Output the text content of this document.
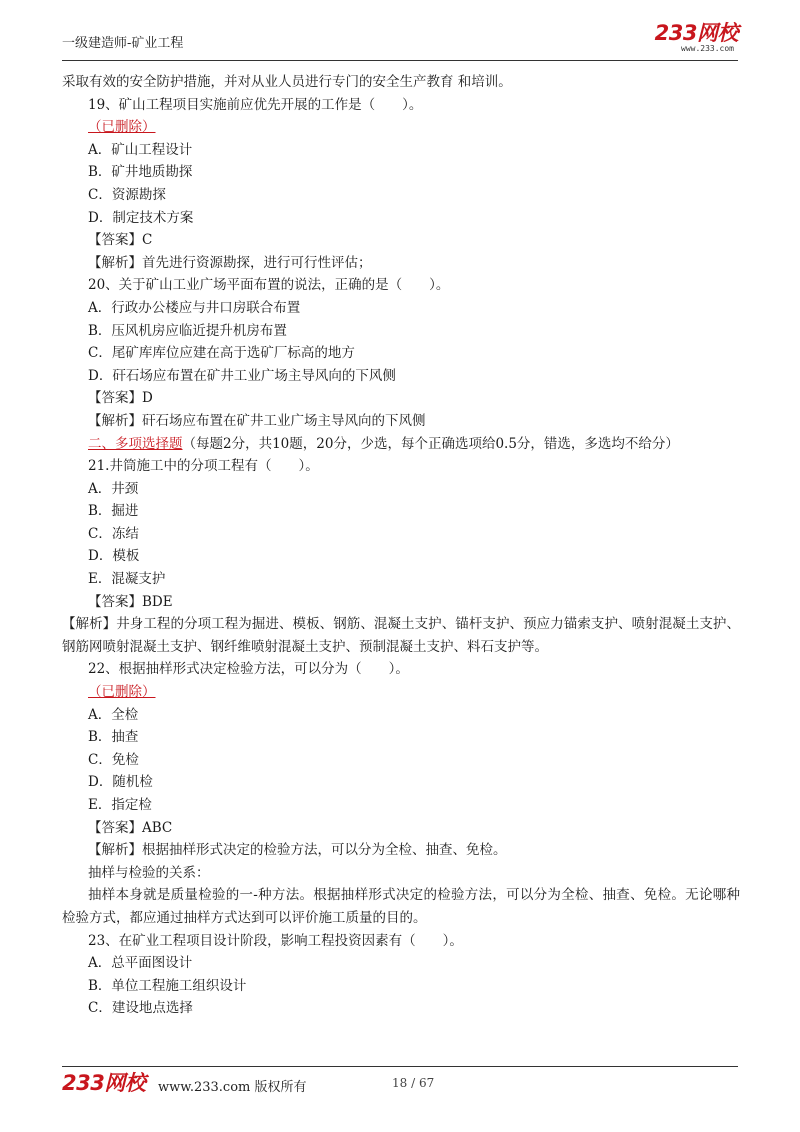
一级建造师-矿业工程	233网校
www.233.com
采取有效的安全防护措施，并对从业人员进行专门的安全生产教育 和培训。
19、矿山工程项目实施前应优先开展的工作是（　　）。
（已删除）
A．矿山工程设计
B．矿井地质勘探
C．资源勘探
D．制定技术方案
【答案】C
【解析】首先进行资源勘探，进行可行性评估；
20、关于矿山工业广场平面布置的说法，正确的是（　　）。
A．行政办公楼应与井口房联合布置
B．压风机房应临近提升机房布置
C．尾矿库库位应建在高于选矿厂标高的地方
D．矸石场应布置在矿井工业广场主导风向的下风侧
【答案】D
【解析】矸石场应布置在矿井工业广场主导风向的下风侧
二、多项选择题（每题2分，共10题，20分，少选，每个正确选项给0.5分，错选，多选均不给分）
21.井筒施工中的分项工程有（　　）。
A．井颈
B．掘进
C．冻结
D．模板
E．混凝支护
【答案】BDE
【解析】井身工程的分项工程为掘进、模板、钢筋、混凝土支护、锚杆支护、预应力锚索支护、喷射混凝土支护、钢筋网喷射混凝土支护、钢纤维喷射混凝土支护、预制混凝土支护、料石支护等。
22、根据抽样形式决定检验方法，可以分为（　　）。
（已删除）
A．全检
B．抽查
C．免检
D．随机检
E．指定检
【答案】ABC
【解析】根据抽样形式决定的检验方法，可以分为全检、抽查、免检。
抽样与检验的关系：
抽样本身就是质量检验的一-种方法。根据抽样形式决定的检验方法，可以分为全检、抽查、免检。无论哪种检验方式，都应通过抽样方式达到可以评价施工质量的目的。
23、在矿业工程项目设计阶段，影响工程投资因素有（　　）。
A．总平面图设计
B．单位工程施工组织设计
C．建设地点选择
233网校 www.233.com 版权所有	18 / 67
